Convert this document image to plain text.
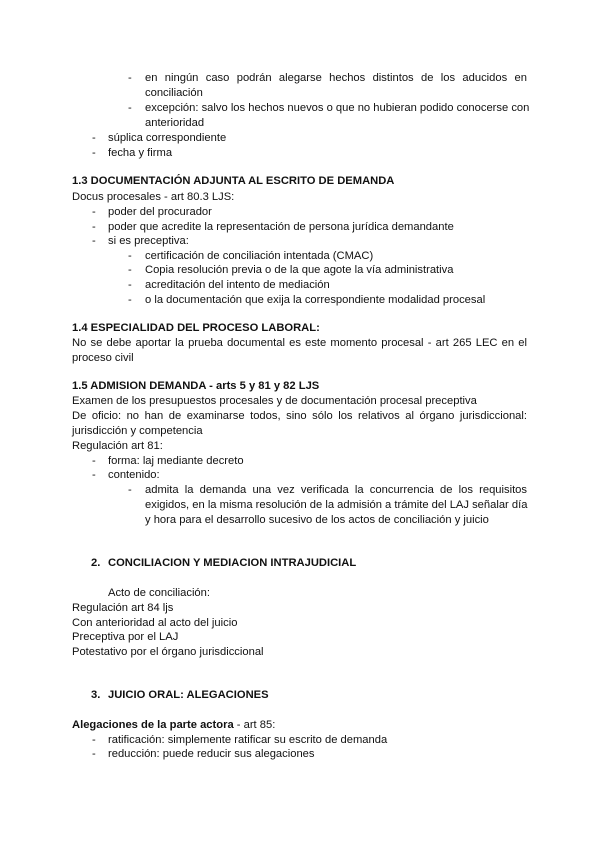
- en ningún caso podrán alegarse hechos distintos de los aducidos en
conciliación
- excepción: salvo los hechos nuevos o que no hubieran podido conocerse con
anterioridad
- súplica correspondiente
- fecha y firma
1.3 DOCUMENTACIÓN ADJUNTA AL ESCRITO DE DEMANDA
Docus procesales - art 80.3 LJS:
- poder del procurador
- poder que acredite la representación de persona jurídica demandante
- si es preceptiva:
- certificación de conciliación intentada (CMAC)
- Copia resolución previa o de la que agote la vía administrativa
- acreditación del intento de mediación
- o la documentación que exija la correspondiente modalidad procesal
1.4 ESPECIALIDAD DEL PROCESO LABORAL:
No se debe aportar la prueba documental es este momento procesal - art 265 LEC en el
proceso civil
1.5 ADMISION DEMANDA - arts 5 y 81 y 82 LJS
Examen de los presupuestos procesales y de documentación procesal preceptiva
De oficio: no han de examinarse todos, sino sólo los relativos al órgano jurisdiccional:
jurisdicción y competencia
Regulación art 81:
- forma: laj mediante decreto
- contenido:
- admita la demanda una vez verificada la concurrencia de los requisitos
exigidos, en la misma resolución de la admisión a trámite del LAJ señalar día
y hora para el desarrollo sucesivo de los actos de conciliación y juicio
2. CONCILIACION Y MEDIACION INTRAJUDICIAL
Acto de conciliación:
Regulación art 84 ljs
Con anterioridad al acto del juicio
Preceptiva por el LAJ
Potestativo por el órgano jurisdiccional
3. JUICIO ORAL: ALEGACIONES
Alegaciones de la parte actora - art 85:
- ratificación: simplemente ratificar su escrito de demanda
- reducción: puede reducir sus alegaciones
